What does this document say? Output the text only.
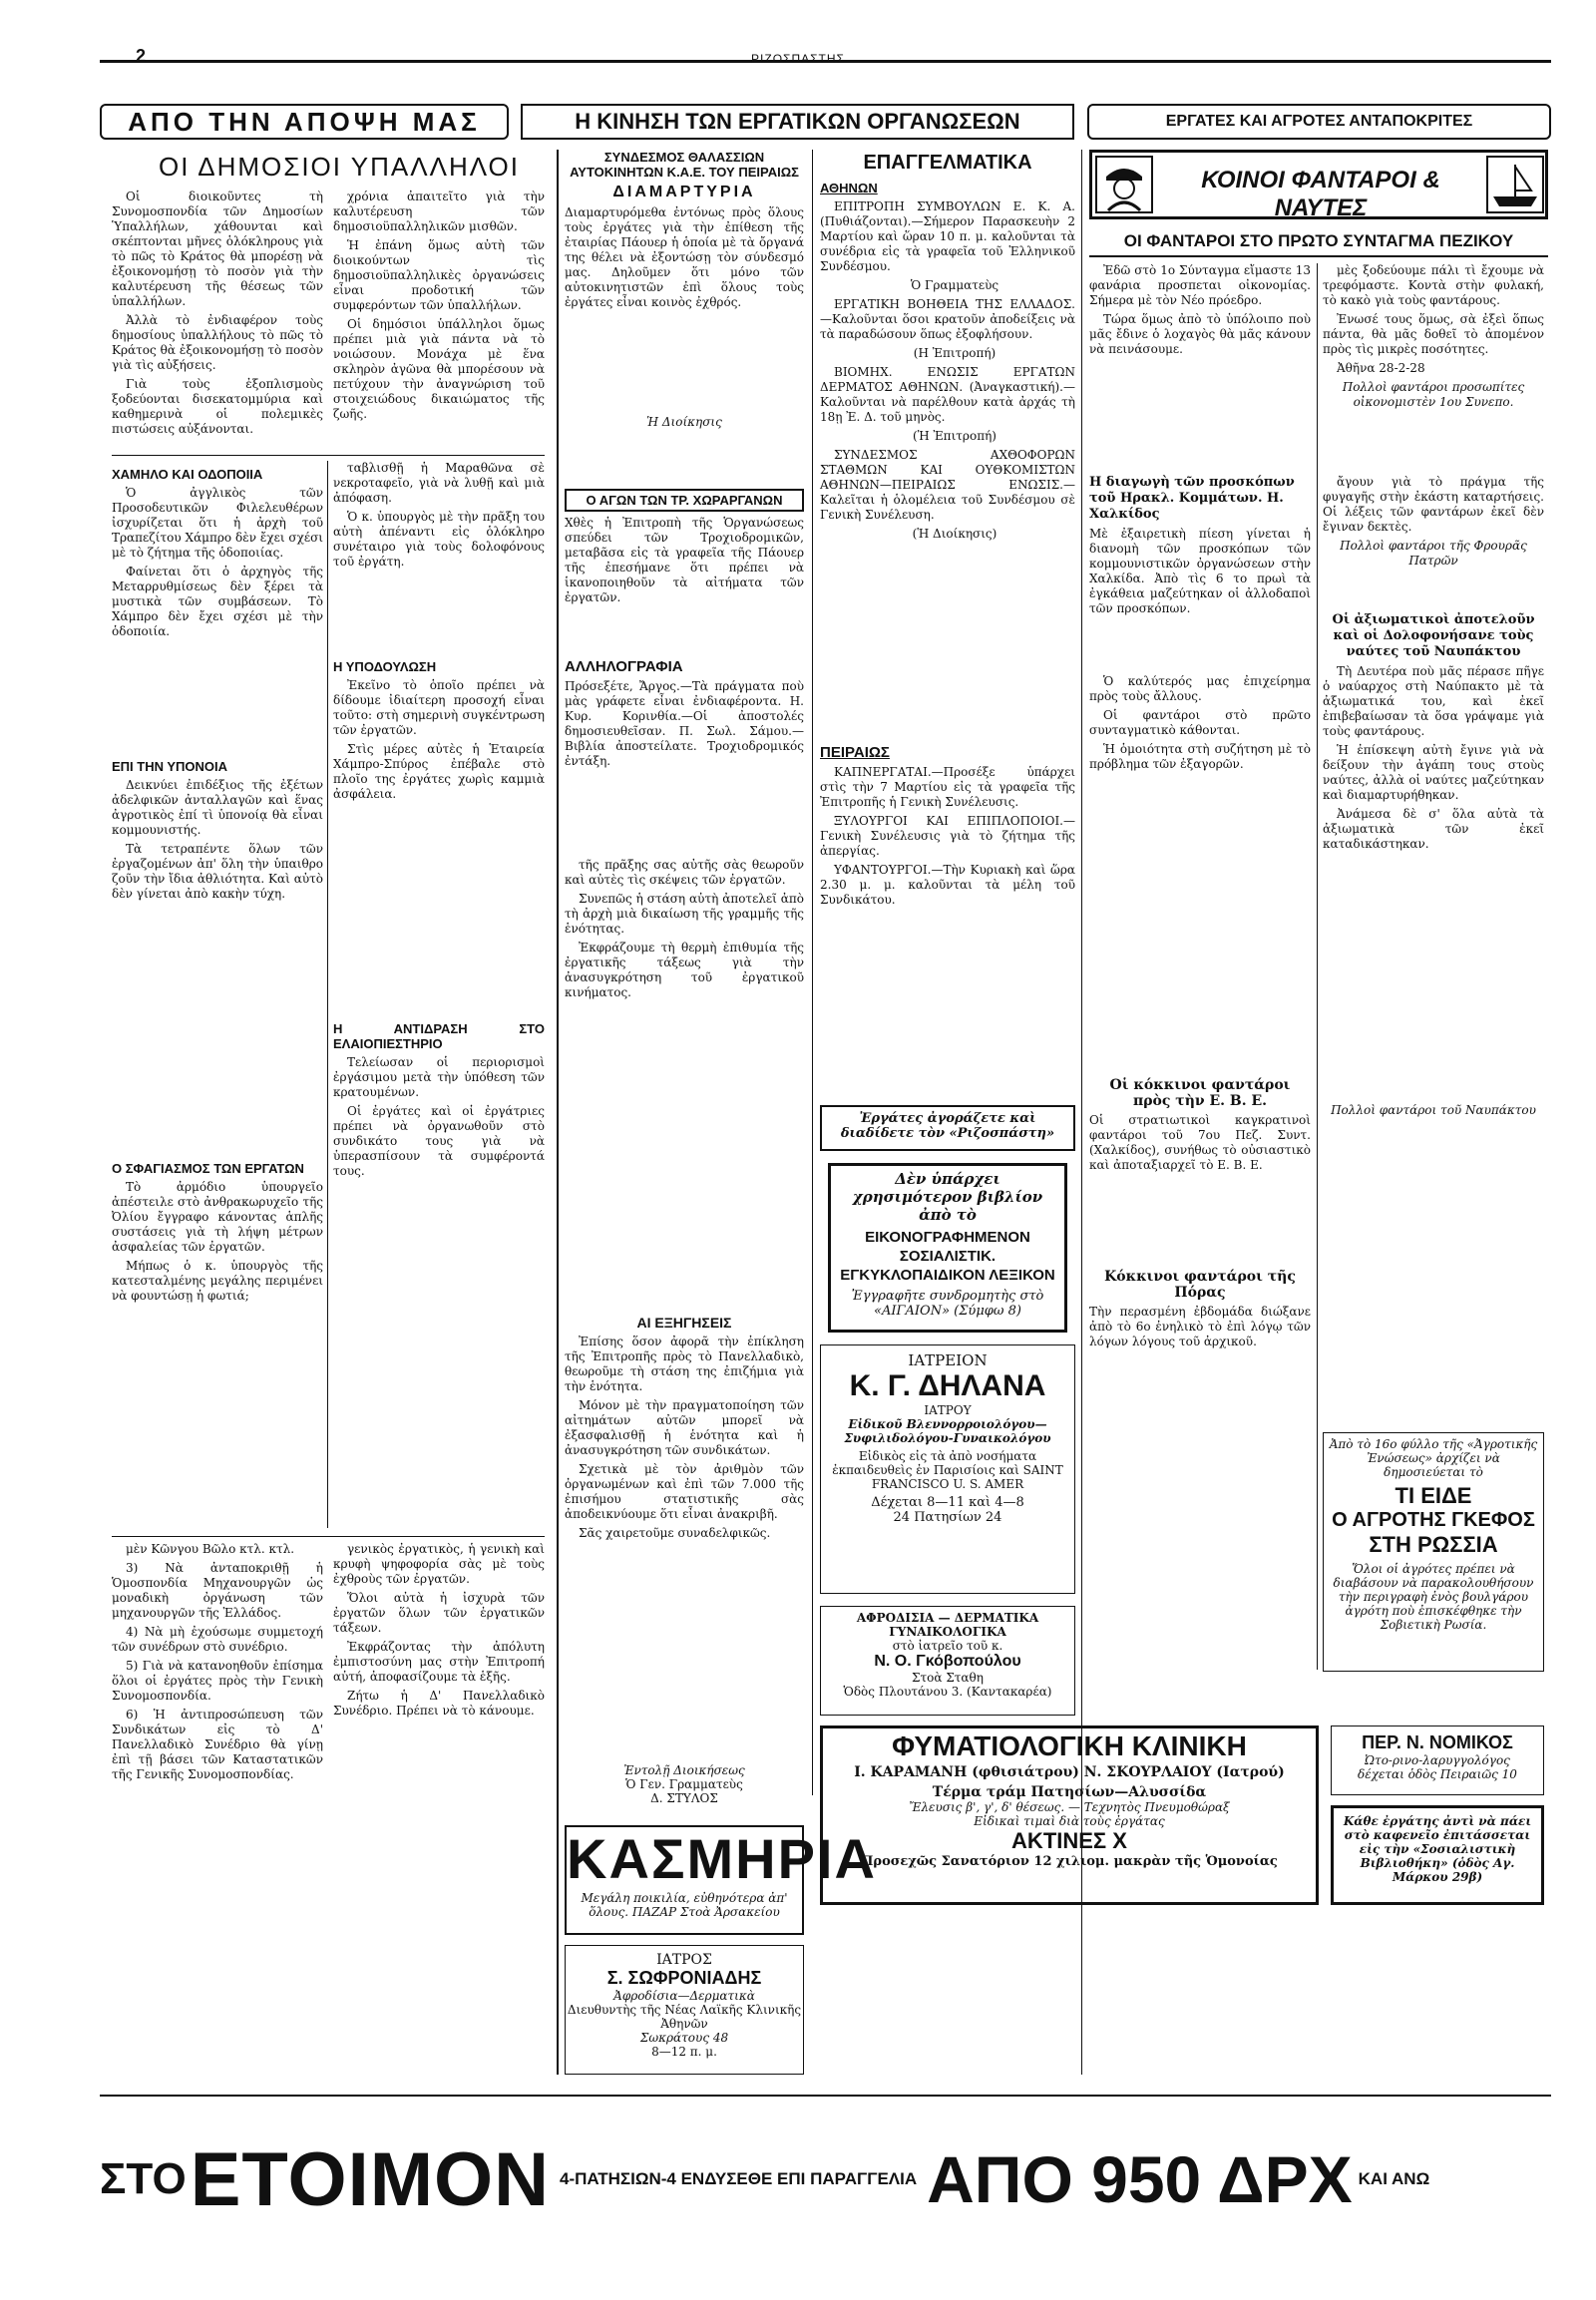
2	ΡΙΖΟΣΠΑΣΤΗΣ
ΑΠΟ ΤΗΝ ΑΠΟΨΗ ΜΑΣ	Η ΚΙΝΗΣΗ ΤΩΝ ΕΡΓΑΤΙΚΩΝ ΟΡΓΑΝΩΣΕΩΝ	ΕΡΓΑΤΕΣ ΚΑΙ ΑΓΡΟΤΕΣ ΑΝΤΑΠΟΚΡΙΤΕΣ
ΟΙ ΔΗΜΟΣΙΟΙ ΥΠΑΛΛΗΛΟΙ

Οἱ διοικοῦντες τὴ Συνομοσπονδία τῶν Δημοσίων Ὑπαλλήλων, χάθουνται καὶ σκέπτονται μῆνες ὁλόκληρους γιὰ τὸ πῶς τὸ Κράτος θὰ μπορέσῃ νὰ ἐξοικονομήσῃ τὸ ποσὸν γιὰ τὴν καλυτέρευση τῆς θέσεως τῶν ὑπαλλήλων.

Ἀλλὰ τὸ ἐνδιαφέρον τοὺς δημοσίους ὑπαλλήλους τὸ πῶς τὸ Κράτος θὰ ἐξοικονομήσῃ τὸ ποσὸν γιὰ τὶς αὐξήσεις.

Γιὰ τοὺς ἐξοπλισμοὺς ξοδεύονται δισεκατομμύρια καὶ καθημερινὰ οἱ πολεμικὲς πιστώσεις αὐξάνονται.

χρόνια ἀπαιτεῖτο γιὰ τὴν καλυτέρευση τῶν δημοσιοϋπαλληλικῶν μισθῶν.

Ἡ ἐπάνη ὅμως αὐτὴ τῶν διοικούντων τὶς δημοσιοϋπαλληλικὲς ὀργανώσεις εἶναι προδοτική τῶν συμφερόντων τῶν ὑπαλλήλων.

Οἱ δημόσιοι ὑπάλληλοι ὅμως πρέπει μιὰ γιὰ πάντα νὰ τὸ νοιώσουν. Μονάχα μὲ ἕνα σκληρὸν ἀγῶνα θὰ μπορέσουν νὰ πετύχουν τὴν ἀναγνώριση τοῦ στοιχειώδους δικαιώματος τῆς ζωῆς.

ΧΑΜΗΛΟ ΚΑΙ ΟΔΟΠΟΙΙΑ

Ὁ ἀγγλικὸς τῶν Προσοδευτικῶν Φιλελευθέρων ἰσχυρίζεται ὅτι ἡ ἀρχὴ τοῦ Τραπεζίτου Χάμπρο δὲν ἔχει σχέσι μὲ τὸ ζήτημα τῆς ὁδοποιίας.

Φαίνεται ὅτι ὁ ἀρχηγὸς τῆς Μεταρρυθμίσεως δὲν ξέρει τὰ μυστικὰ τῶν συμβάσεων. Τὸ Χάμπρο δὲν ἔχει σχέσι μὲ τὴν ὁδοποιία.

ΕΠΙ ΤΗΝ ΥΠΟΝΟΙΑ

Δεικνύει ἐπιδέξιος τῆς ἐξέτων ἀδελφικῶν ἀνταλλαγῶν καὶ ἕνας ἀγροτικὸς ἐπί τὶ ὑπονοίᾳ θὰ εἶναι κομμουνιστής.

Τὰ τετραπέντε ὅλων τῶν ἐργαζομένων ἀπ' ὅλη τὴν ὑπαιθρο ζοῦν τὴν ἴδια ἀθλιότητα. Καὶ αὐτὸ δὲν γίνεται ἀπὸ κακὴν τύχη.

Ο ΣΦΑΓΙΑΣΜΟΣ ΤΩΝ ΕΡΓΑΤΩΝ

Τὸ ἀρμόδιο ὑπουργεῖο ἀπέστειλε στὸ ἀνθρακωρυχεῖο τῆς Ὀλίου ἔγγραφο κάνοντας ἁπλῆς συστάσεις γιὰ τὴ λήψη μέτρων ἀσφαλείας τῶν ἐργατῶν.

Μήπως ὁ κ. ὑπουργὸς τῆς κατεσταλμένης μεγάλης περιμένει νὰ φουντώσῃ ἡ φωτιά;

ταβλισθῇ ἡ Μαραθῶνα σὲ νεκροταφεῖο, γιὰ νὰ λυθῇ καὶ μιὰ ἀπόφαση.

Ὁ κ. ὑπουργὸς μὲ τὴν πρᾶξη του αὐτὴ ἀπέναντι εἰς ὁλόκληρο συνέταιρο γιὰ τοὺς δολοφόνους τοῦ ἐργάτη.

Η ΥΠΟΔΟΥΛΩΣΗ

Ἐκεῖνο τὸ ὁποῖο πρέπει νὰ δίδουμε ἰδιαίτερη προσοχή εἶναι τοῦτο: στὴ σημερινὴ συγκέντρωση τῶν ἐργατῶν.

Στὶς μέρες αὐτὲς ἡ Ἑταιρεία Χάμπρο-Σπύρος ἐπέβαλε στὸ πλοῖο της ἐργάτες χωρὶς καμμιὰ ἀσφάλεια.

Η ΑΝΤΙΔΡΑΣΗ ΣΤΟ ΕΛΑΙΟΠΙΕΣΤΗΡΙΟ

Τελείωσαν οἱ περιορισμοὶ ἐργάσιμου μετὰ τὴν ὑπόθεση τῶν κρατουμένων.

Οἱ ἐργάτες καὶ οἱ ἐργάτριες πρέπει νὰ ὀργανωθοῦν στὸ συνδικάτο τους γιὰ νὰ ὑπερασπίσουν τὰ συμφέροντά τους.

μὲν Κῶνγου Βῶλο κτλ. κτλ.

3) Νὰ ἀνταποκριθῇ ἡ Ὁμοσπονδία Μηχανουργῶν ὡς μοναδικὴ ὀργάνωση τῶν μηχανουργῶν τῆς Ἑλλάδος.

4) Νὰ μὴ ἐχούσωμε συμμετοχή τῶν συνέδρων στὸ συνέδριο.

5) Γιὰ νὰ κατανοηθοῦν ἐπίσημα ὅλοι οἱ ἐργάτες πρὸς τὴν Γενικὴ Συνομοσπονδία.

6) Ἡ ἀντιπροσώπευση τῶν Συνδικάτων εἰς τὸ Δ' Πανελλαδικὸ Συνέδριο θὰ γίνῃ ἐπὶ τῇ βάσει τῶν Καταστατικῶν τῆς Γενικῆς Συνομοσπονδίας.

γενικὸς ἐργατικὸς, ἡ γενικὴ καὶ κρυφὴ ψηφοφορία σὰς μὲ τοὺς ἐχθροὺς τῶν ἐργατῶν.

Ὅλοι αὐτὰ ἡ ἰσχυρὰ τῶν ἐργατῶν ὅλων τῶν ἐργατικῶν τάξεων.

Ἐκφράζοντας τὴν ἀπόλυτη ἐμπιστοσύνη μας στὴν Ἐπιτροπή αὐτή, ἀποφασίζουμε τὰ ἑξῆς.

Ζήτω ἡ Δ' Πανελλαδικὸ Συνέδριο. Πρέπει νὰ τὸ κάνουμε.

ΣΥΝΔΕΣΜΟΣ ΘΑΛΑΣΣΙΩΝ ΑΥΤΟΚΙΝΗΤΩΝ Κ.Α.Ε. ΤΟΥ ΠΕΙΡΑΙΩΣ
ΔΙΑΜΑΡΤΥΡΙΑ
Διαμαρτυρόμεθα ἐντόνως πρὸς ὅλους τοὺς ἐργάτες γιὰ τὴν ἐπίθεση τῆς ἐταιρίας Πάουερ ἡ ὁποία μὲ τὰ ὄργανά της θέλει νὰ ἐξοντώσῃ τὸν σύνδεσμό μας. Δηλοῦμεν ὅτι μόνο τῶν αὐτοκινητιστῶν ἐπὶ ὅλους τοὺς ἐργάτες εἶναι κοινὸς ἐχθρός.
Ἡ Διοίκησις
Ο ΑΓΩΝ ΤΩΝ ΤΡ. ΧΩΡΑΡΓΑΝΩΝ
Χθὲς ἡ Ἐπιτροπὴ τῆς Ὁργανώσεως σπεύδει τῶν Τροχιοδρομικῶν, μεταβᾶσα εἰς τὰ γραφεῖα τῆς Πάουερ τῆς ἐπεσήμανε ὅτι πρέπει νὰ ἱκανοποιηθοῦν τὰ αἰτήματα τῶν ἐργατῶν.
ΑΛΛΗΛΟΓΡΑΦΙΑ
Πρόσεξέτε, Ἄργος.—Τὰ πράγματα ποὺ μὰς γράφετε εἶναι ἐνδιαφέροντα. Η. Κυρ. Κορινθία.—Οἱ ἀποστολές δημοσιευθεῖσαν. Π. Σωλ. Σάμου.—Βιβλία ἀποστείλατε. Τροχιοδρομικός ἐντάξη.

τῆς πρᾶξης σας αὐτῆς σὰς θεωροῦν καὶ αὐτὲς τὶς σκέψεις τῶν ἐργατῶν.

Συνεπῶς ἡ στάση αὐτὴ ἀποτελεῖ ἀπὸ τὴ ἀρχὴ μιὰ δικαίωση τῆς γραμμῆς τῆς ἑνότητας.

Ἐκφράζουμε τὴ θερμὴ ἐπιθυμία τῆς ἐργατικῆς τάξεως γιὰ τὴν ἀνασυγκρότηση τοῦ ἐργατικοῦ κινήματος.

ΑΙ ΕΞΗΓΗΣΕΙΣ

Ἐπίσης ὅσον ἀφορᾶ τὴν ἐπίκληση τῆς Ἐπιτροπῆς πρὸς τὸ Πανελλαδικὸ, θεωροῦμε τὴ στάση της ἐπιζήμια γιὰ τὴν ἑνότητα.

Μόνον μὲ τὴν πραγματοποίηση τῶν αἰτημάτων αὐτῶν μπορεῖ νὰ ἐξασφαλισθῇ ἡ ἑνότητα καὶ ἡ ἀνασυγκρότηση τῶν συνδικάτων.

Σχετικὰ μὲ τὸν ἀριθμὸν τῶν ὀργανωμένων καὶ ἐπὶ τῶν 7.000 τῆς ἐπισήμου στατιστικῆς σὰς ἀποδεικνύουμε ὅτι εἶναι ἀνακριβῆ.

Σᾶς χαιρετοῦμε συναδελφικῶς.

Ἐντολῇ Διοικήσεως
Ὁ Γεν. Γραμματεὺς
Δ. ΣΤΥΛΟΣ
ΚΑΣΜΗΡΙΑ
Μεγάλη ποικιλία, εὐθηνότερα ἀπ' ὅλους. ΠΑΖΑΡ Στοὰ Ἀρσακείου
ΙΑΤΡΟΣ
Σ. ΣΩΦΡΟΝΙΑΔΗΣ
Ἀφροδίσια—Δερματικὰ
Διευθυντὴς τῆς Νέας Λαϊκῆς Κλινικῆς Ἀθηνῶν
Σωκράτους 48
8—12 π. μ.
ΕΠΑΓΓΕΛΜΑΤΙΚΑ
ΑΘΗΝΩΝ

ΕΠΙΤΡΟΠΗ ΣΥΜΒΟΥΛΩΝ Ε. Κ. Α. (Πυθιάζονται).—Σήμερον Παρασκευὴν 2 Μαρτίου καὶ ὥραν 10 π. μ. καλοῦνται τὰ συνέδρια εἰς τὰ γραφεῖα τοῦ Ἑλληνικοῦ Συνδέσμου.

Ὁ Γραμματεὺς

ΕΡΓΑΤΙΚΗ ΒΟΗΘΕΙΑ ΤΗΣ ΕΛΛΑΔΟΣ.—Καλοῦνται ὅσοι κρατοῦν ἀποδείξεις νὰ τὰ παραδώσουν ὅπως ἐξοφλήσουν.

(Η Ἐπιτροπή)

ΒΙΟΜΗΧ. ΕΝΩΣΙΣ ΕΡΓΑΤΩΝ ΔΕΡΜΑΤΟΣ ΑΘΗΝΩΝ. (Ἀναγκαστική).—Καλοῦνται νὰ παρέλθουν κατὰ ἀρχάς τὴ 18ῃ Ἐ. Δ. τοῦ μηνὸς.

(Ἡ Ἐπιτροπή)

ΣΥΝΔΕΣΜΟΣ ΑΧΘΟΦΟΡΩΝ ΣΤΑΘΜΩΝ ΚΑΙ ΟΥΘΚΟΜΙΣΤΩΝ ΑΘΗΝΩΝ—ΠΕΙΡΑΙΩΣ ΕΝΩΣΙΣ.—Καλεῖται ἡ ὁλομέλεια τοῦ Συνδέσμου σὲ Γενικὴ Συνέλευση.

(Ἡ Διοίκησις)

ΠΕΙΡΑΙΩΣ

ΚΑΠΝΕΡΓΑΤΑΙ.—Προσέξε ὑπάρχει στὶς τὴν 7 Μαρτίου εἰς τὰ γραφεῖα τῆς Ἐπιτροπῆς ἡ Γενικὴ Συνέλευσις.

ΞΥΛΟΥΡΓΟΙ ΚΑΙ ΕΠΙΠΛΟΠΟΙΟΙ.—Γενικὴ Συνέλευσις γιὰ τὸ ζήτημα τῆς ἀπεργίας.

ΥΦΑΝΤΟΥΡΓΟΙ.—Τὴν Κυριακὴ καὶ ὥρα 2.30 μ. μ. καλοῦνται τὰ μέλη τοῦ Συνδικάτου.

Ἐργάτες ἀγοράζετε καὶ διαδίδετε τὸν «Ριζοσπάστη»
Δὲν ὑπάρχει χρησιμότερον βιβλίον ἀπὸ τὸ
ΕΙΚΟΝΟΓΡΑΦΗΜΕΝΟΝ ΣΟΣΙΑΛΙΣΤΙΚ. ΕΓΚΥΚΛΟΠΑΙΔΙΚΟΝ ΛΕΞΙΚΟΝ
Ἐγγραφῆτε συνδρομητὴς στὸ «ΑΙΓΑΙΟΝ» (Σύμφω 8)
ΙΑΤΡΕΙΟΝ
Κ. Γ. ΔΗΛΑΝΑ
ΙΑΤΡΟΥ
Εἰδικοῦ Βλεννορροιολόγου—Συφιλιδολόγου-Γυναικολόγου
Εἰδικὸς εἰς τὰ ἀπὸ νοσήματα ἐκπαιδευθεὶς ἐν Παρισίοις καὶ SAINT FRANCISCO U. S. AMER
Δέχεται 8—11 καὶ 4—8
24 Πατησίων 24
ΑΦΡΟΔΙΣΙΑ — ΔΕΡΜΑΤΙΚΑ
ΓΥΝΑΙΚΟΛΟΓΙΚΑ
στὸ ἰατρεῖο τοῦ κ.
Ν. Ο. Γκόβοπούλου
Στοὰ Σταθη
Ὁδὸς Πλουτάνου 3. (Καντακαρέα)
ΚΟΙΝΟΙ ΦΑΝΤΑΡΟΙ & ΝΑΥΤΕΣ
ΟΙ ΦΑΝΤΑΡΟΙ ΣΤΟ ΠΡΩΤΟ ΣΥΝΤΑΓΜΑ ΠΕΖΙΚΟΥ

Ἐδῶ στὸ 1ο Σύνταγμα εἴμαστε 13 φανάρια προσπεται οἰκονομίας. Σήμερα μὲ τὸν Νέο πρόεδρο.

Τώρα ὅμως ἀπὸ τὸ ὑπόλοιπο ποὺ μᾶς ἔδινε ὁ λοχαγὸς θὰ μᾶς κάνουν νὰ πεινάσουμε.

μὲς ξοδεύουμε πάλι τὶ ἔχουμε νὰ τρεφόμαστε. Κοντὰ στὴν φυλακή, τὸ κακὸ γιὰ τοὺς φαντάρους.

Ἐνωσέ τους ὅμως, σὰ ἐξεὶ ὅπως πάντα, θὰ μᾶς δοθεῖ τὸ ἀπομένον πρὸς τὶς μικρὲς ποσότητες.

Ἀθῆνα 28-2-28

Πολλοὶ φαντάροι προσωπίτες οἰκονομιστὲν 1ου Συνεπο.

Η διαγωγὴ τῶν προσκόπων τοῦ Ηρακλ. Κομμάτων. Η. Χαλκίδος
Μὲ ἐξαιρετικὴ πίεση γίνεται ἡ διανομὴ τῶν προσκόπων τῶν κομμουνιστικῶν ὀργανώσεων στὴν Χαλκίδα. Ἀπὸ τὶς 6 το πρωὶ τὰ ἐγκάθεια μαζεύτηκαν οἱ ἀλλοδαποὶ τῶν προσκόπων.

ἄγουν γιὰ τὸ πράγμα τῆς φυγαγῆς στὴν ἐκάστη καταρτήσεις. Οἱ λέξεις τῶν φαντάρων ἐκεῖ δὲν ἔγιναν δεκτὲς.

Πολλοὶ φαντάροι τῆς Φρουρᾶς Πατρῶν

Οἱ ἀξιωματικοὶ ἀποτελοῦν καὶ οἱ Δολοφονήσανε τοὺς ναύτες τοῦ Ναυπάκτου

Τὴ Δευτέρα ποὺ μᾶς πέρασε πῆγε ὁ ναύαρχος στὴ Ναύπακτο μὲ τὰ ἀξιωματικά του, καὶ ἐκεῖ ἐπιβεβαίωσαν τὰ ὅσα γράψαμε γιὰ τοὺς φαντάρους.

Ἡ ἐπίσκεψη αὐτὴ ἔγινε γιὰ νὰ δείξουν τὴν ἀγάπη τους στοὺς ναύτες, ἀλλὰ οἱ ναύτες μαζεύτηκαν καὶ διαμαρτυρήθηκαν.

Ἀνάμεσα δὲ σ' ὅλα αὐτὰ τὰ ἀξιωματικὰ τῶν ἐκεῖ καταδικάστηκαν.

Πολλοὶ φαντάροι τοῦ Ναυπάκτου

Ὁ καλύτερός μας ἐπιχείρημα πρὸς τοὺς ἄλλους.

Οἱ φαντάροι στὸ πρῶτο συνταγματικὸ κάθονται.

Ἡ ὁμοιότητα στὴ συζήτηση μὲ τὸ πρόβλημα τῶν ἐξαγορῶν.

Οἱ κόκκινοι φαντάροι πρὸς τὴν Ε. Β. Ε.
Οἱ στρατιωτικοὶ καγκρατινοὶ φαντάροι τοῦ 7ου Πεζ. Συντ. (Χαλκίδος), συνήθως τὸ οὐσιαστικὸ καὶ ἀποταξιαρχεῖ τὸ Ε. Β. Ε.
Κόκκινοι φαντάροι τῆς Πόρας
Τὴν περασμένη ἐβδομάδα διώξανε ἀπὸ τὸ 6ο ἐνηλικὸ τὸ ἐπὶ λόγῳ τῶν λόγων λόγους τοῦ ἀρχικοῦ.
Ἀπὸ τὸ 16ο φύλλο τῆς «Ἀγροτικῆς Ἐνώσεως» ἀρχίζει νὰ δημοσιεύεται τὸ
ΤΙ ΕΙΔΕ
Ο ΑΓΡΟΤΗΣ ΓΚΕΦΟΣ
ΣΤΗ ΡΩΣΣΙΑ
Ὅλοι οἱ ἀγρότες πρέπει νὰ διαβάσουν νὰ παρακολουθήσουν τὴν περιγραφὴ ἑνὸς βουλγάρου ἀγρότη ποὺ ἐπισκέφθηκε τὴν Σοβιετικὴ Ρωσία.
ΦΥΜΑΤΙΟΛΟΓΙΚΗ ΚΛΙΝΙΚΗ
Ι. ΚΑΡΑΜΑΝΗ (φθισιάτρου) Ν. ΣΚΟΥΡΛΑΙΟΥ (Ιατρού)
Τέρμα τράμ Πατησίων—Αλυσσίδα
Ἔλευσις β', γ', δ' θέσεως. — Τεχνητὸς Πνευμοθώραξ
Εἰδικαὶ τιμαὶ διὰ τοὺς ἐργάτας
ΑΚΤΙΝΕΣ Χ
Προσεχῶς Σανατόριον 12 χιλιομ. μακρὰν τῆς Ὁμονοίας
ΠΕΡ. Ν. ΝΟΜΙΚΟΣ
Ὠτο-ρινο-λαρυγγολόγος
δέχεται ὁδὸς Πειραιῶς 10
Κάθε ἐργάτης ἀντὶ νὰ πάει στὸ καφενεῖο ἐπιτάσσεται εἰς τὴν «Σοσιαλιστικὴ Βιβλιοθήκη» (ὁδὸς Αγ. Μάρκου 29β)
ΣΤΟ ΕΤΟΙΜΟΝ 4-ΠΑΤΗΣΙΩΝ-4 ΕΝΔΥΣΕΘΕ ΕΠΙ ΠΑΡΑΓΓΕΛΙΑ ΑΠΟ 950 ΔΡΧ ΚΑΙ ΑΝΩ
